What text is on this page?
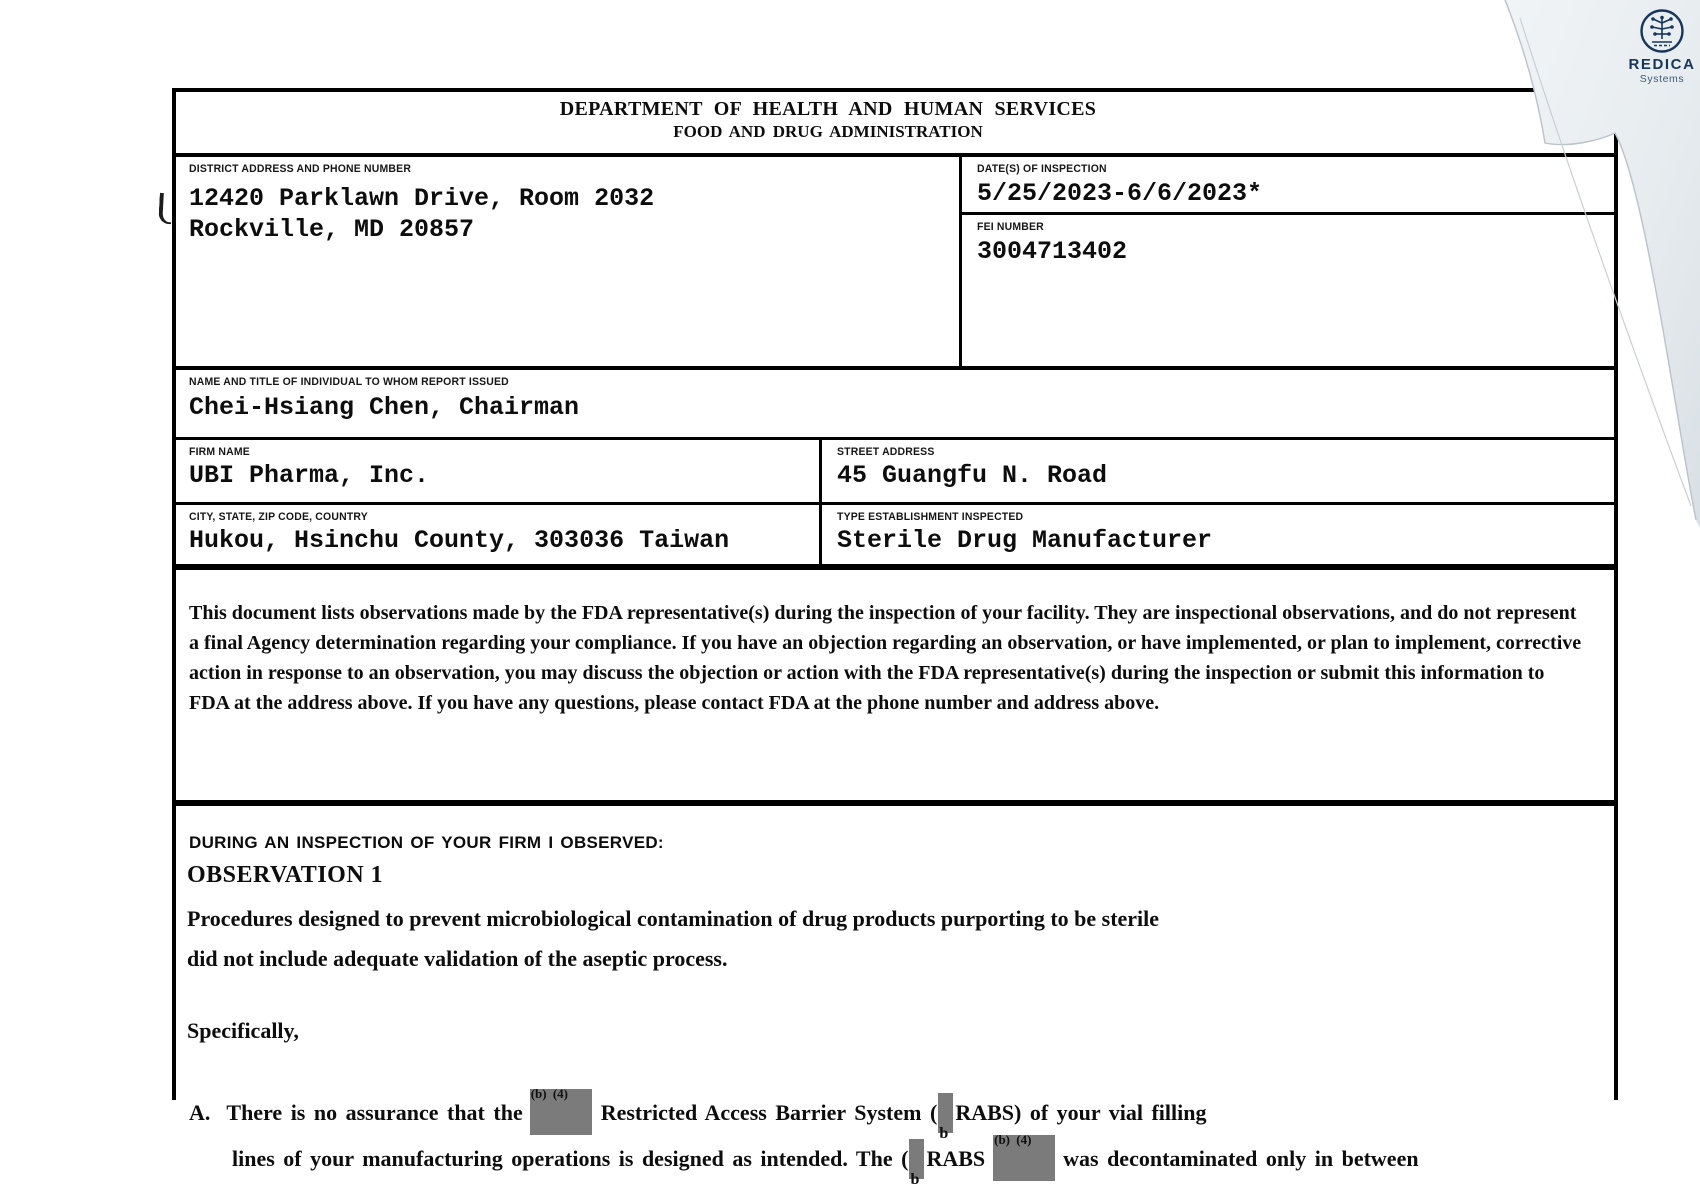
DEPARTMENT OF HEALTH AND HUMAN SERVICES
FOOD AND DRUG ADMINISTRATION
DISTRICT ADDRESS AND PHONE NUMBER
12420 Parklawn Drive, Room 2032
Rockville, MD 20857
DATE(S) OF INSPECTION
5/25/2023-6/6/2023*
FEI NUMBER
3004713402
NAME AND TITLE OF INDIVIDUAL TO WHOM REPORT ISSUED
Chei-Hsiang Chen, Chairman
FIRM NAME
UBI Pharma, Inc.
STREET ADDRESS
45 Guangfu N. Road
CITY, STATE, ZIP CODE, COUNTRY
Hukou, Hsinchu County, 303036 Taiwan
TYPE ESTABLISHMENT INSPECTED
Sterile Drug Manufacturer
This document lists observations made by the FDA representative(s) during the inspection of your facility. They are inspectional observations, and do not represent a final Agency determination regarding your compliance. If you have an objection regarding an observation, or have implemented, or plan to implement, corrective action in response to an observation, you may discuss the objection or action with the FDA representative(s) during the inspection or submit this information to FDA at the address above. If you have any questions, please contact FDA at the phone number and address above.
DURING AN INSPECTION OF YOUR FIRM I OBSERVED:
OBSERVATION 1
Procedures designed to prevent microbiological contamination of drug products purporting to be sterile
did not include adequate validation of the aseptic process.
Specifically,
A. There is no assurance that the
(b) (4)
Restricted Access Barrier System (
b
RABS) of your vial filling
lines of your manufacturing operations is designed as intended. The (
b
RABS
(b) (4)
was decontaminated only in between
REDICA
Systems
